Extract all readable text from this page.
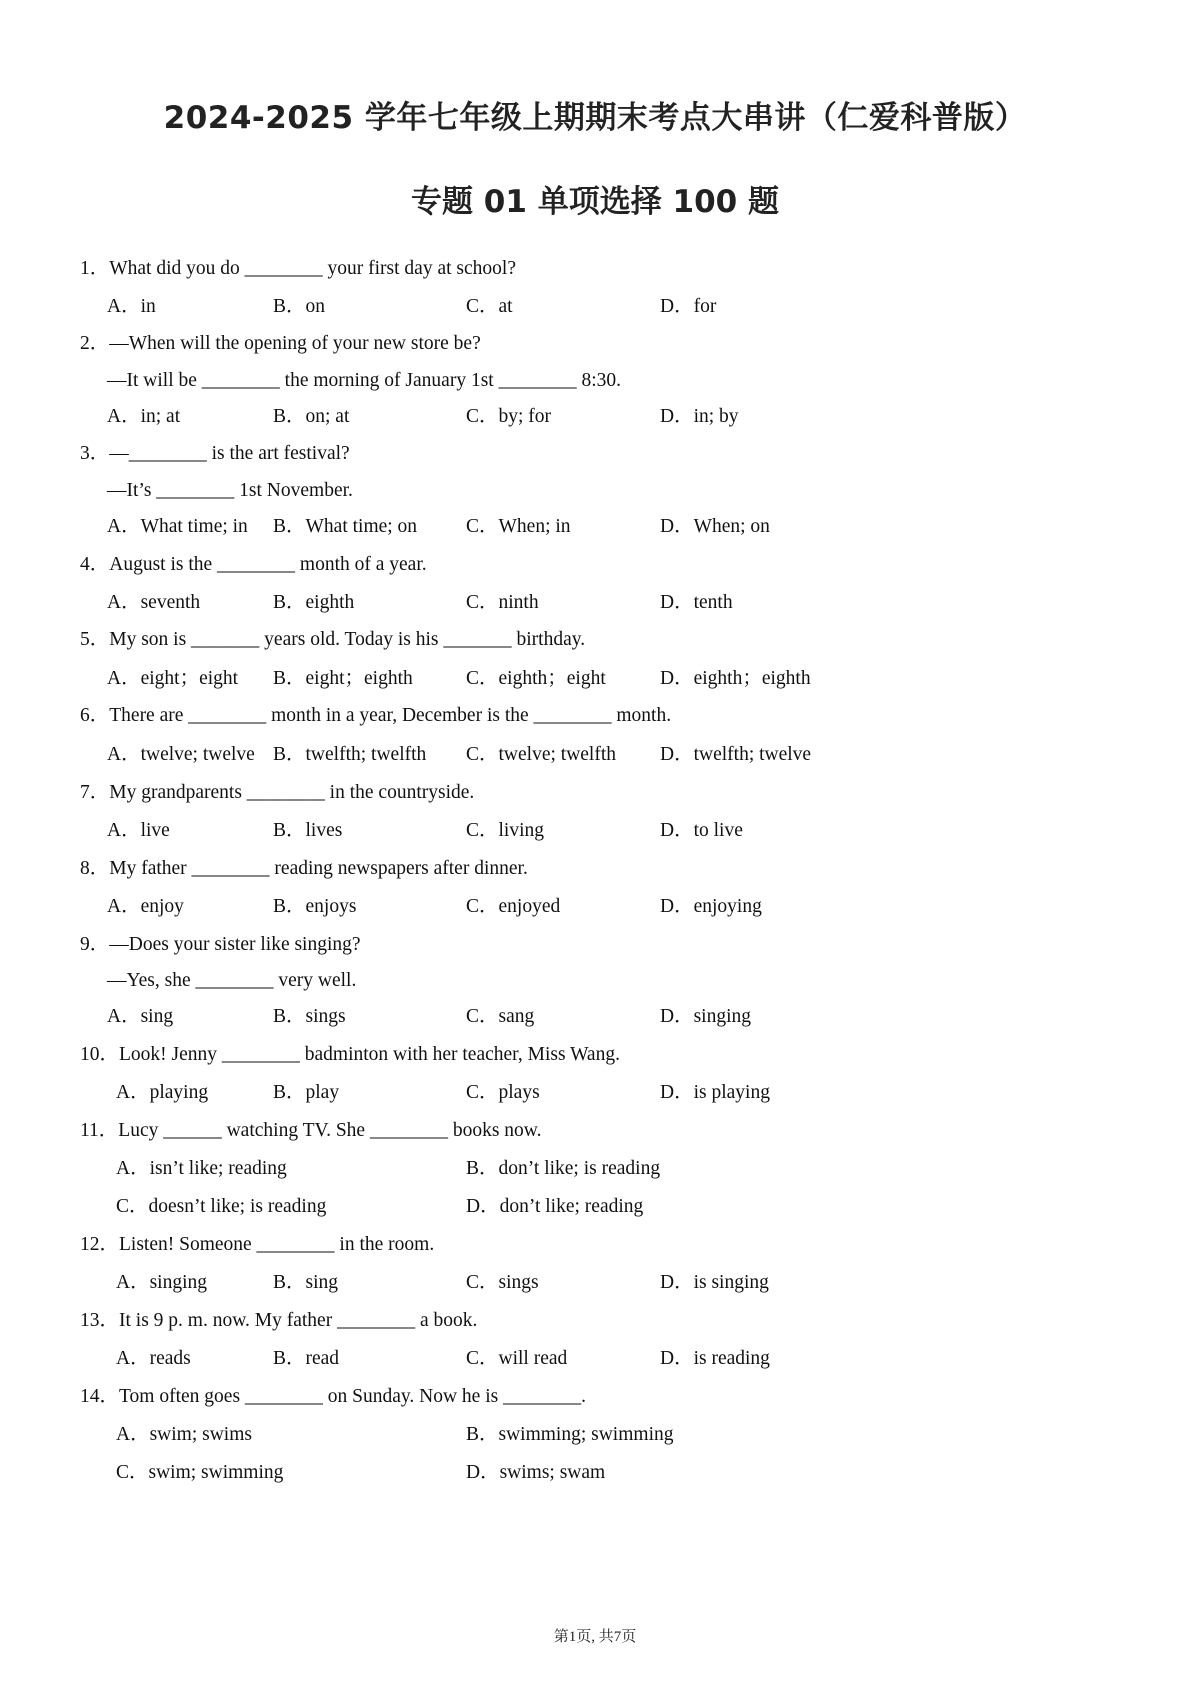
2024-2025 学年七年级上期期末考点大串讲（仁爱科普版）
专题 01 单项选择 100 题
1．What did you do ________ your first day at school?
A．in	B．on	C．at	D．for
2．—When will the opening of your new store be?
—It will be ________ the morning of January 1st ________ 8:30.
A．in; at	B．on; at	C．by; for	D．in; by
3．—________ is the art festival?
—It’s ________ 1st November.
A．What time; in B．What time; on	C．When; in	D．When; on
4．August is the ________ month of a year.
A．seventh	B．eighth	C．ninth	D．tenth
5．My son is _______ years old. Today is his _______ birthday.
A．eight；eight B．eight；eighth	C．eighth；eight	D．eighth；eighth
6．There are ________ month in a year, December is the ________ month.
A．twelve; twelve B．twelfth; twelfth C．twelve; twelfth D．twelfth; twelve
7．My grandparents ________ in the countryside.
A．live	B．lives	C．living	D．to live
8．My father ________ reading newspapers after dinner.
A．enjoy	B．enjoys	C．enjoyed	D．enjoying
9．—Does your sister like singing?
—Yes, she ________ very well.
A．sing	B．sings	C．sang	D．singing
10．Look! Jenny ________ badminton with her teacher, Miss Wang.
A．playing	B．play	C．plays	D．is playing
11．Lucy ______ watching TV. She ________ books now.
A．isn’t like; reading	B．don’t like; is reading
C．doesn’t like; is reading	D．don’t like; reading
12．Listen! Someone ________ in the room.
A．singing	B．sing	C．sings	D．is singing
13．It is 9 p. m. now. My father ________ a book.
A．reads	B．read	C．will read	D．is reading
14．Tom often goes ________ on Sunday. Now he is ________.
A．swim; swims	B．swimming; swimming
C．swim; swimming	D．swims; swam
第1页, 共7页
